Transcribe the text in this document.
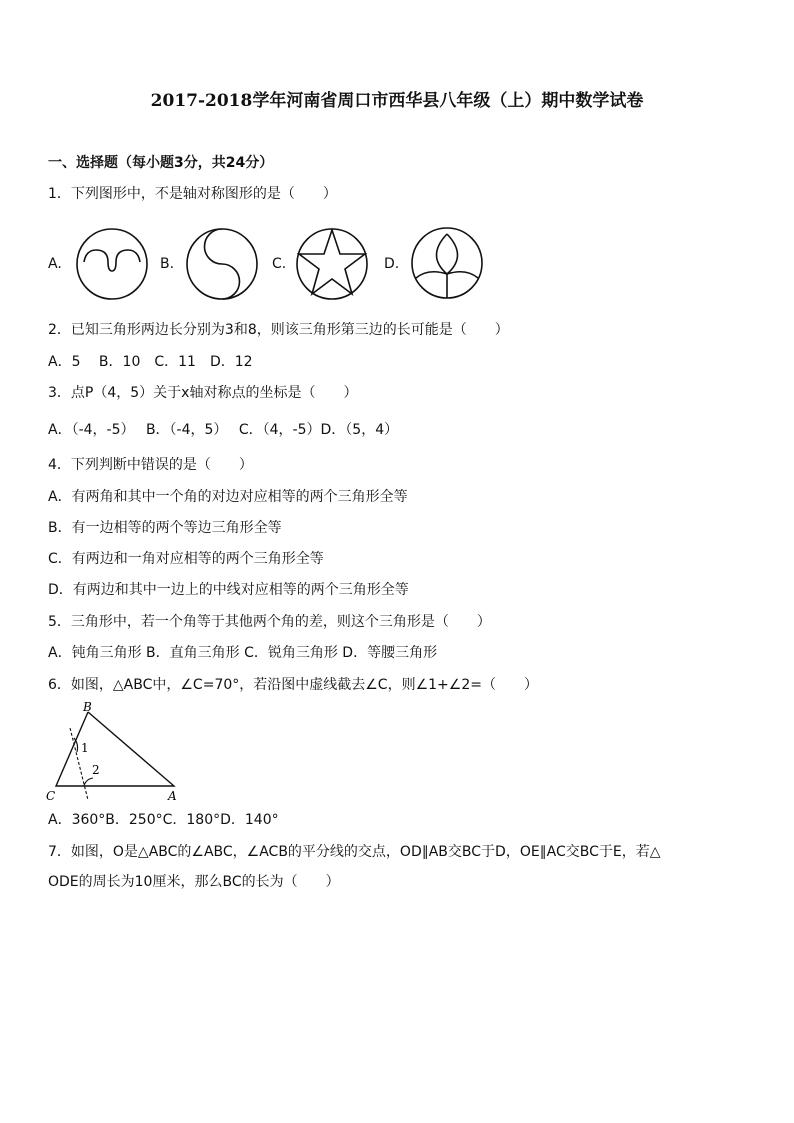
2017-2018学年河南省周口市西华县八年级（上）期中数学试卷
一、选择题（每小题3分，共24分）
1．下列图形中，不是轴对称图形的是（　　）
A.	B.	C.	D.
2．已知三角形两边长分别为3和8，则该三角形第三边的长可能是（　　）
A．5　 B．10　C．11　D．12
3．点P（4，5）关于x轴对称点的坐标是（　　）
A．（-4，-5）　 B．（-4，5）　 C．（4，-5）D．（5，4）
4．下列判断中错误的是（　　）
A．有两角和其中一个角的对边对应相等的两个三角形全等
B．有一边相等的两个等边三角形全等
C．有两边和一角对应相等的两个三角形全等
D．有两边和其中一边上的中线对应相等的两个三角形全等
5．三角形中，若一个角等于其他两个角的差，则这个三角形是（　　）
A．钝角三角形 B．直角三角形 C．锐角三角形 D．等腰三角形
6．如图，△ABC中，∠C=70°，若沿图中虚线截去∠C，则∠1+∠2=（　　）
B
C	A
1
2
A．360°B．250°C．180°D．140°
7．如图，O是△ABC的∠ABC，∠ACB的平分线的交点，OD∥AB交BC于D，OE∥AC交BC于E，若△
ODE的周长为10厘米，那么BC的长为（　　）
